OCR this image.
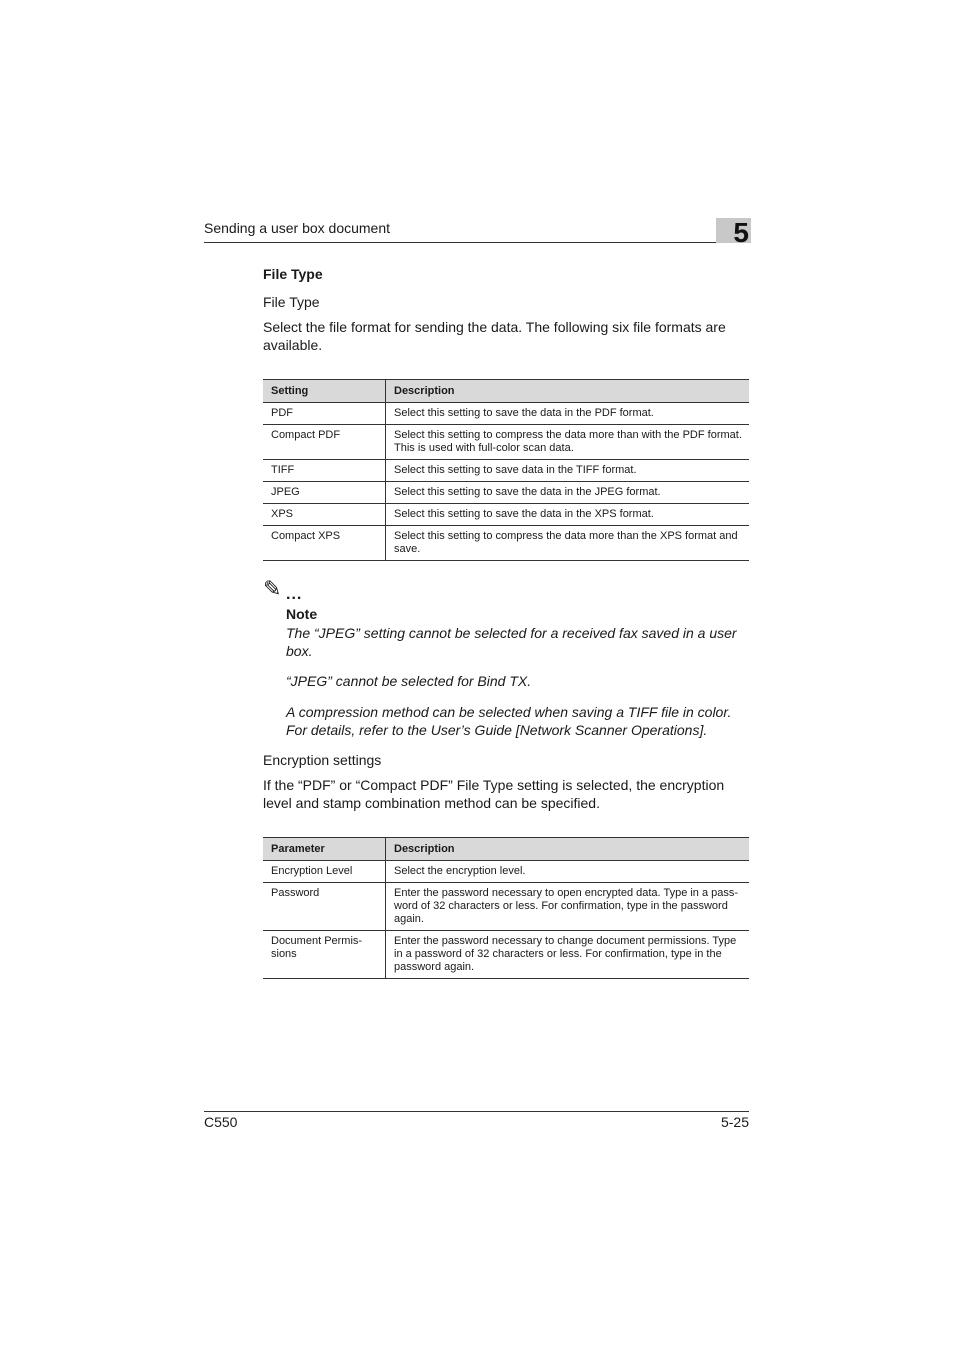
Sending a user box document	5
File Type
File Type
Select the file format for sending the data. The following six file formats are available.
Setting	Description
PDF	Select this setting to save the data in the PDF format.
Compact PDF	Select this setting to compress the data more than with the PDF format. This is used with full-color scan data.
TIFF	Select this setting to save data in the TIFF format.
JPEG	Select this setting to save the data in the JPEG format.
XPS	Select this setting to save the data in the XPS format.
Compact XPS	Select this setting to compress the data more than the XPS format and save.
✎ ...
Note
The “JPEG” setting cannot be selected for a received fax saved in a user box.
“JPEG” cannot be selected for Bind TX.
A compression method can be selected when saving a TIFF file in color. For details, refer to the User’s Guide [Network Scanner Operations].
Encryption settings
If the “PDF” or “Compact PDF” File Type setting is selected, the encryption level and stamp combination method can be specified.
Parameter	Description
Encryption Level	Select the encryption level.
Password	Enter the password necessary to open encrypted data. Type in a pass-word of 32 characters or less. For confirmation, type in the password again.
Document Permis-sions	Enter the password necessary to change document permissions. Type in a password of 32 characters or less. For confirmation, type in the password again.
C550	5-25
